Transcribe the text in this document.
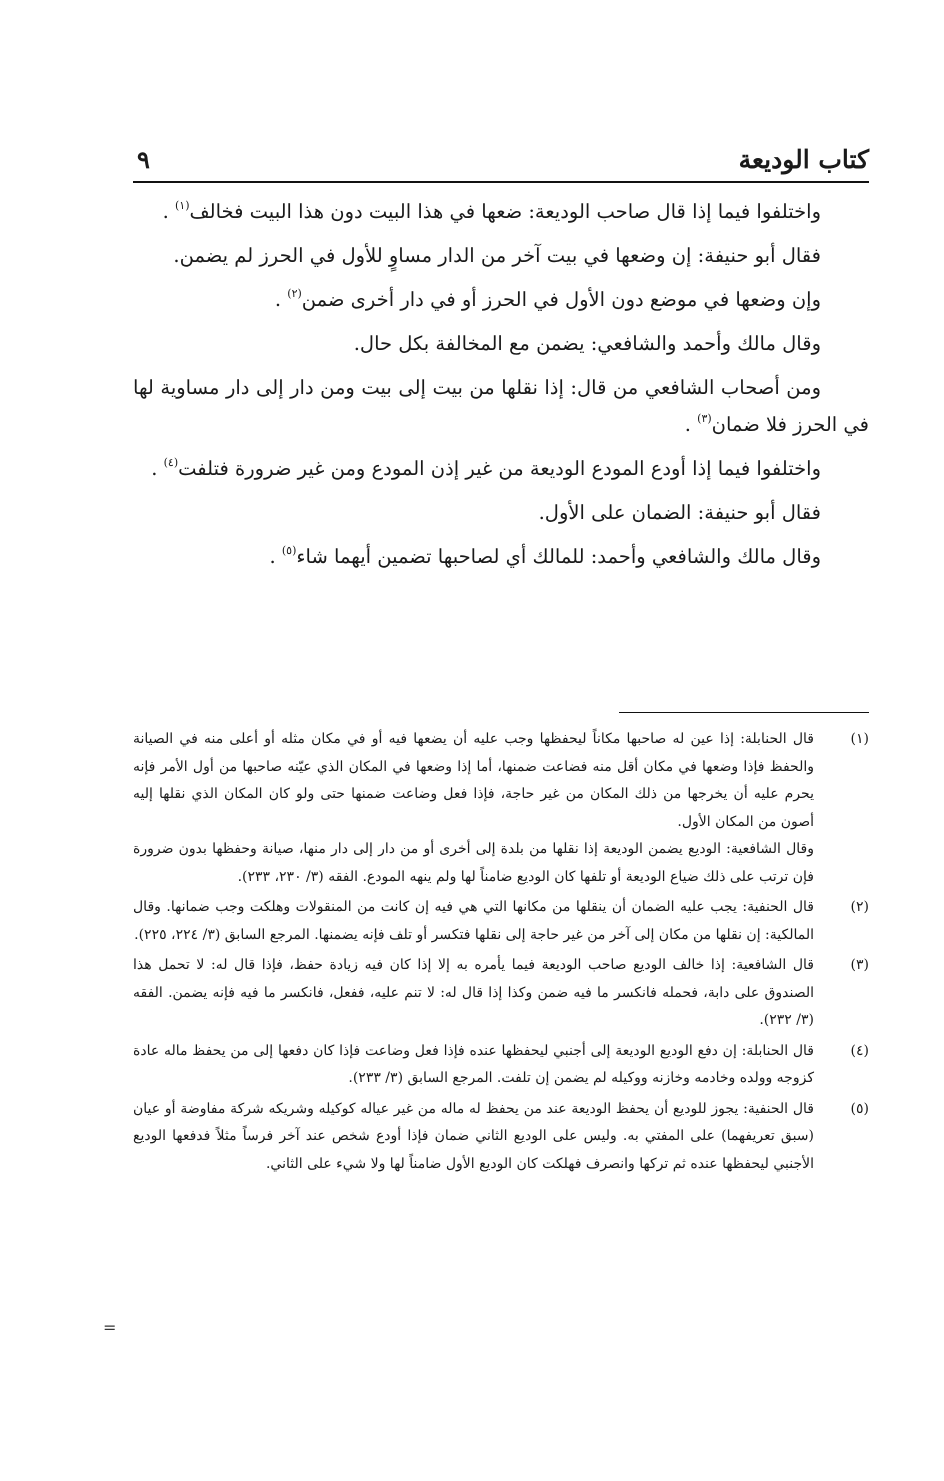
كتاب الوديعة
٩

واختلفوا فيما إذا قال صاحب الوديعة: ضعها في هذا البيت دون هذا البيت فخالف$^{(١)}$ .

فقال أبو حنيفة: إن وضعها في بيت آخر من الدار مساوٍ للأول في الحرز لم يضمن.

وإن وضعها في موضع دون الأول في الحرز أو في دار أخرى ضمن$^{(٢)}$ .

وقال مالك وأحمد والشافعي: يضمن مع المخالفة بكل حال.

ومن أصحاب الشافعي من قال: إذا نقلها من بيت إلى بيت ومن دار إلى دار مساوية لها في الحرز فلا ضمان$^{(٣)}$ .

واختلفوا فيما إذا أودع المودع الوديعة من غير إذن المودع ومن غير ضرورة فتلفت$^{(٤)}$ .

فقال أبو حنيفة: الضمان على الأول.

وقال مالك والشافعي وأحمد: للمالك أي لصاحبها تضمين أيهما شاء$^{(٥)}$ .

(١)

قال الحنابلة: إذا عين له صاحبها مكاناً ليحفظها وجب عليه أن يضعها فيه أو في مكان مثله أو أعلى منه في الصيانة والحفظ فإذا وضعها في مكان أقل منه فضاعت ضمنها، أما إذا وضعها في المكان الذي عيّنه صاحبها من أول الأمر فإنه يحرم عليه أن يخرجها من ذلك المكان من غير حاجة، فإذا فعل وضاعت ضمنها حتى ولو كان المكان الذي نقلها إليه أصون من المكان الأول.

وقال الشافعية: الوديع يضمن الوديعة إذا نقلها من بلدة إلى أخرى أو من دار إلى دار منها، صيانة وحفظها بدون ضرورة فإن ترتب على ذلك ضياع الوديعة أو تلفها كان الوديع ضامناً لها ولم ينهه المودع. الفقه (٣/ ٢٣٠، ٢٣٣).

(٢)

قال الحنفية: يجب عليه الضمان أن ينقلها من مكانها التي هي فيه إن كانت من المنقولات وهلكت وجب ضمانها. وقال المالكية: إن نقلها من مكان إلى آخر من غير حاجة إلى نقلها فتكسر أو تلف فإنه يضمنها. المرجع السابق (٣/ ٢٢٤، ٢٢٥).

(٣)

قال الشافعية: إذا خالف الوديع صاحب الوديعة فيما يأمره به إلا إذا كان فيه زيادة حفظ، فإذا قال له: لا تحمل هذا الصندوق على دابة، فحمله فانكسر ما فيه ضمن وكذا إذا قال له: لا تنم عليه، ففعل، فانكسر ما فيه فإنه يضمن. الفقه (٣/ ٢٣٢).

(٤)

قال الحنابلة: إن دفع الوديع الوديعة إلى أجنبي ليحفظها عنده فإذا فعل وضاعت فإذا كان دفعها إلى من يحفظ ماله عادة كزوجه وولده وخادمه وخازنه ووكيله لم يضمن إن تلفت. المرجع السابق (٣/ ٢٣٣).

(٥)

قال الحنفية: يجوز للوديع أن يحفظ الوديعة عند من يحفظ له ماله من غير عياله كوكيله وشريكه شركة مفاوضة أو عيان (سبق تعريفهما) على المفتي به. وليس على الوديع الثاني ضمان فإذا أودع شخص عند آخر فرساً مثلاً فدفعها الوديع الأجنبي ليحفظها عنده ثم تركها وانصرف فهلكت كان الوديع الأول ضامناً لها ولا شيء على الثاني.

=
